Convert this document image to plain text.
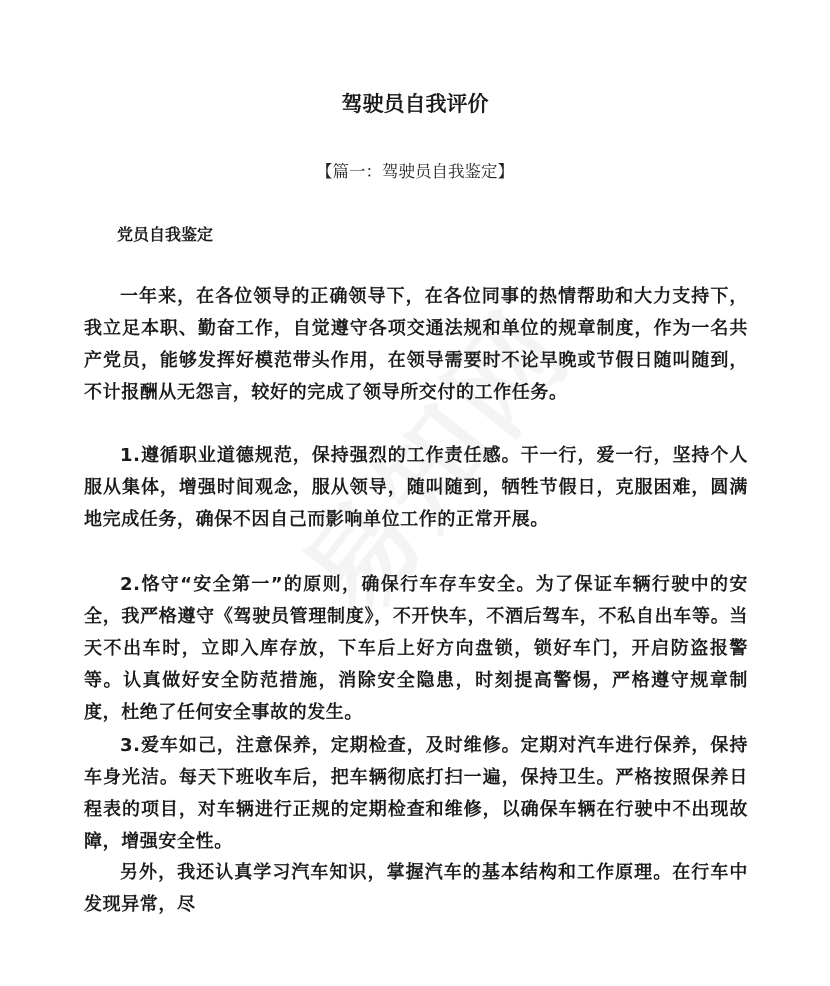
驾驶员自我评价
【篇一：驾驶员自我鉴定】

党员自我鉴定

一年来，在各位领导的正确领导下，在各位同事的热情帮助和大力支持下，我立足本职、勤奋工作，自觉遵守各项交通法规和单位的规章制度，作为一名共产党员，能够发挥好模范带头作用，在领导需要时不论早晚或节假日随叫随到，不计报酬从无怨言，较好的完成了领导所交付的工作任务。

1.遵循职业道德规范，保持强烈的工作责任感。干一行，爱一行，坚持个人服从集体，增强时间观念，服从领导，随叫随到，牺牲节假日，克服困难，圆满地完成任务，确保不因自己而影响单位工作的正常开展。

2.恪守“安全第一”的原则，确保行车存车安全。为了保证车辆行驶中的安全，我严格遵守《驾驶员管理制度》，不开快车，不酒后驾车，不私自出车等。当天不出车时，立即入库存放，下车后上好方向盘锁，锁好车门，开启防盗报警等。认真做好安全防范措施，消除安全隐患，时刻提高警惕，严格遵守规章制度，杜绝了任何安全事故的发生。

3.爱车如己，注意保养，定期检查，及时维修。定期对汽车进行保养，保持车身光洁。每天下班收车后，把车辆彻底打扫一遍，保持卫生。严格按照保养日程表的项目，对车辆进行正规的定期检查和维修，以确保车辆在行驶中不出现故障，增强安全性。

另外，我还认真学习汽车知识，掌握汽车的基本结构和工作原理。在行车中发现异常，尽
